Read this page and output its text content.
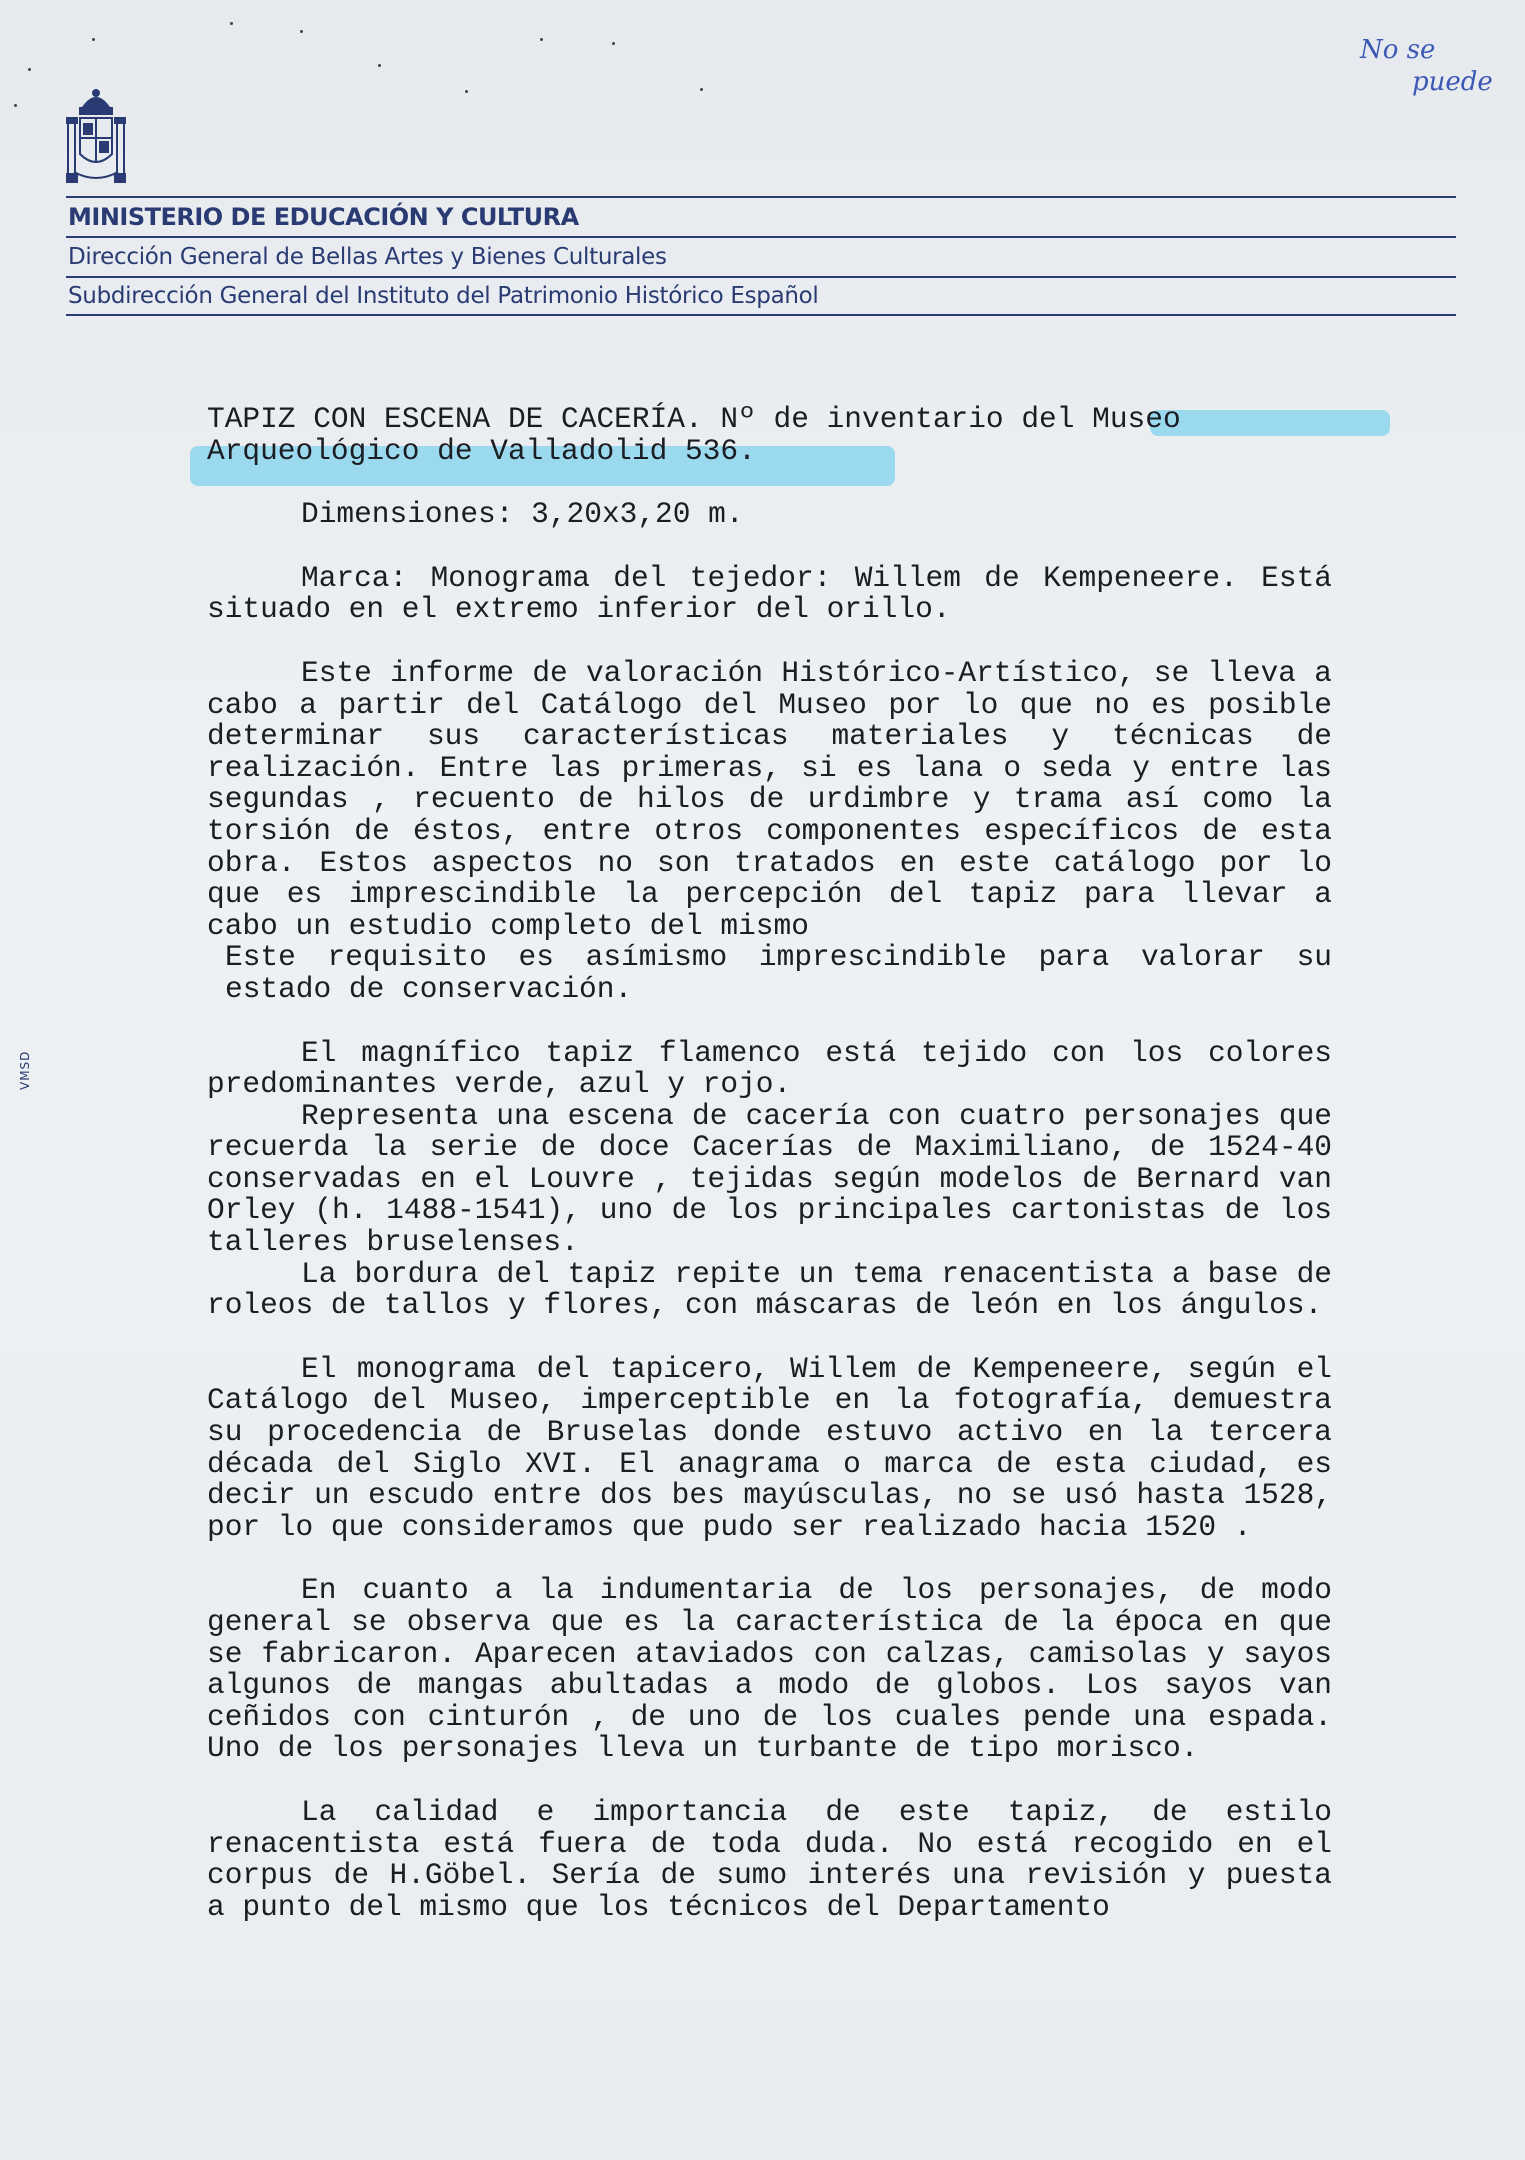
MINISTERIO DE EDUCACIÓN Y CULTURA
Dirección General de Bellas Artes y Bienes Culturales
Subdirección General del Instituto del Patrimonio Histórico Español
No se
puede
VMSD

TAPIZ CON ESCENA DE CACERÍA. Nº de inventario del Museo

Arqueológico de Valladolid 536.

Dimensiones: 3,20x3,20 m.

Marca: Monograma del tejedor: Willem de Kempeneere. Está situado en el extremo inferior del orillo.

Este informe de valoración Histórico-Artístico, se lleva a cabo a partir del Catálogo del Museo por lo que no es posible determinar sus características materiales y técnicas de realización. Entre las primeras, si es lana o seda y entre las segundas , recuento de hilos de urdimbre y trama así como la torsión de éstos, entre otros componentes específicos de esta obra. Estos aspectos no son tratados en este catálogo por lo que es imprescindible la percepción del tapiz para llevar a cabo un estudio completo del mismo

Este requisito es asímismo imprescindible para valorar su estado de conservación.

El magnífico tapiz flamenco está tejido con los colores predominantes verde, azul y rojo.

Representa una escena de cacería con cuatro personajes que recuerda la serie de doce Cacerías de Maximiliano, de 1524-40 conservadas en el Louvre , tejidas según modelos de Bernard van Orley (h. 1488-1541), uno de los principales cartonistas de los talleres bruselenses.

La bordura del tapiz repite un tema renacentista a base de roleos de tallos y flores, con máscaras de león en los ángulos.

El monograma del tapicero, Willem de Kempeneere, según el Catálogo del Museo, imperceptible en la fotografía, demuestra su procedencia de Bruselas donde estuvo activo en la tercera década del Siglo XVI. El anagrama o marca de esta ciudad, es decir un escudo entre dos bes mayúsculas, no se usó hasta 1528, por lo que consideramos que pudo ser realizado hacia 1520 .

En cuanto a la indumentaria de los personajes, de modo general se observa que es la característica de la época en que se fabricaron. Aparecen ataviados con calzas, camisolas y sayos algunos de mangas abultadas a modo de globos. Los sayos van ceñidos con cinturón , de uno de los cuales pende una espada. Uno de los personajes lleva un turbante de tipo morisco.

La calidad e importancia de este tapiz, de estilo renacentista está fuera de toda duda. No está recogido en el corpus de H.Göbel. Sería de sumo interés una revisión y puesta a punto del mismo que los técnicos del Departamento
